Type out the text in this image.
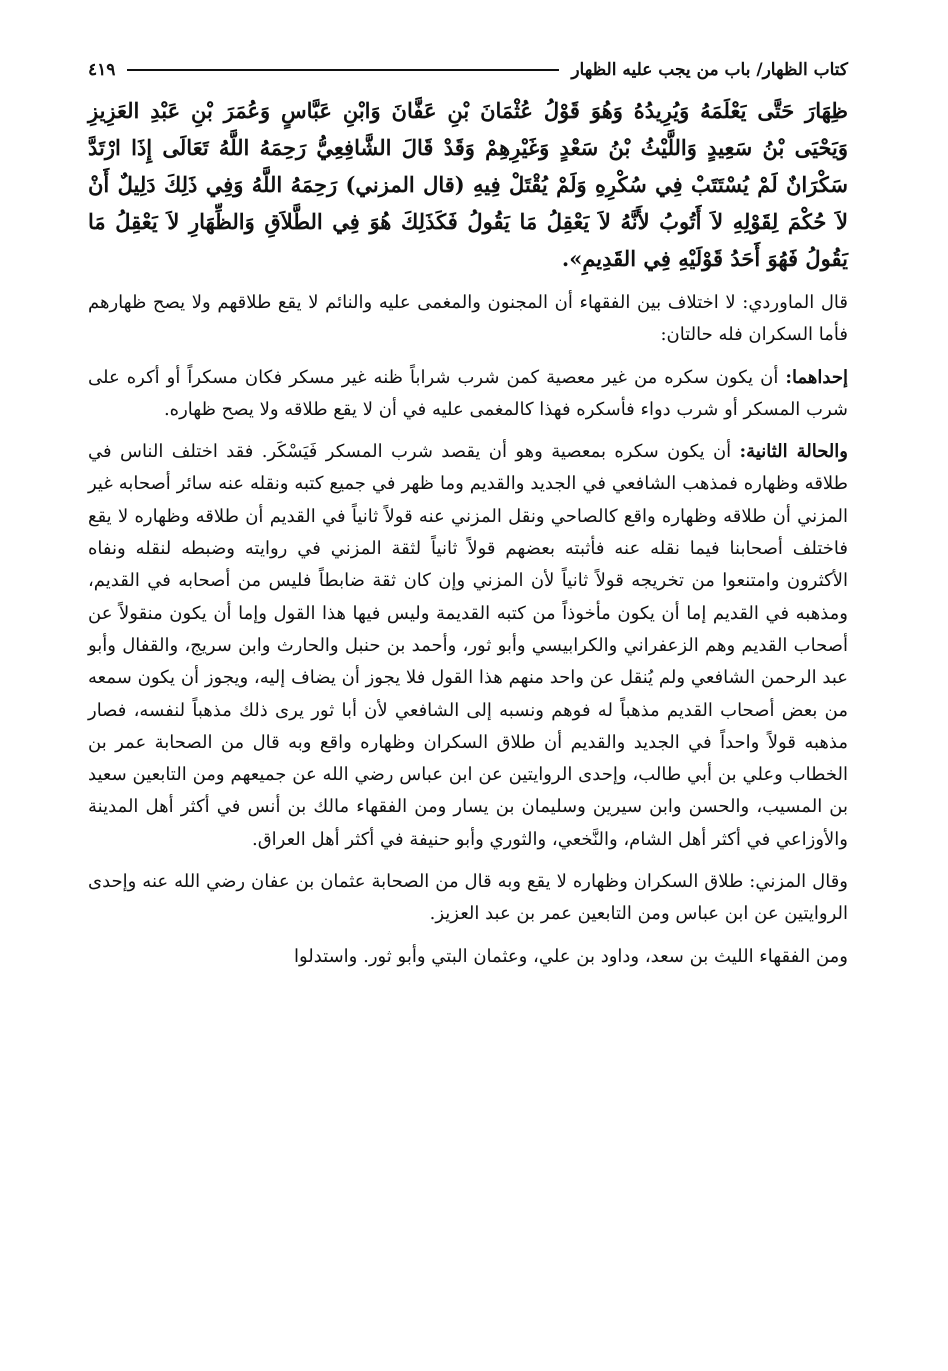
كتاب الظهار/ باب من يجب عليه الظهار
٤١٩

ظِهَارَ حَتَّى يَعْلَمَهُ وَيُرِيدُهُ وَهُوَ قَوْلُ عُثْمَانَ بْنِ عَفَّانَ وَابْنِ عَبَّاسٍ وَعُمَرَ بْنِ عَبْدِ العَزِيزِ وَيَحْيَى بْنُ سَعِيدٍ وَاللَّيْثُ بْنُ سَعْدٍ وَغَيْرِهِمْ وَقَدْ قَالَ الشَّافِعِيُّ رَحِمَهُ اللَّهُ تَعَالَى إِذَا ارْتَدَّ سَكْرَانٌ لَمْ يُسْتَتَبْ فِي سُكْرِهِ وَلَمْ يُقْتَلْ فِيهِ (قال المزني) رَحِمَهُ اللَّهُ وَفِي ذَلِكَ دَلِيلٌ أَنْ لاَ حُكْمَ لِقَوْلِهِ لاَ أَتُوبُ لأَنَّهُ لاَ يَعْقِلُ مَا يَقُولُ فَكَذَلِكَ هُوَ فِي الطَّلاَقِ وَالظِّهَارِ لاَ يَعْقِلُ مَا يَقُولُ فَهُوَ أَحَدُ قَوْلَيْهِ فِي القَدِيمِ».

قال الماوردي: لا اختلاف بين الفقهاء أن المجنون والمغمى عليه والنائم لا يقع طلاقهم ولا يصح ظهارهم فأما السكران فله حالتان:

إحداهما: أن يكون سكره من غير معصية كمن شرب شراباً ظنه غير مسكر فكان مسكراً أو أكره على شرب المسكر أو شرب دواء فأسكره فهذا كالمغمى عليه في أن لا يقع طلاقه ولا يصح ظهاره.

والحالة الثانية: أن يكون سكره بمعصية وهو أن يقصد شرب المسكر فَيَسْكَر. فقد اختلف الناس في طلاقه وظهاره فمذهب الشافعي في الجديد والقديم وما ظهر في جميع كتبه ونقله عنه سائر أصحابه غير المزني أن طلاقه وظهاره واقع كالصاحي ونقل المزني عنه قولاً ثانياً في القديم أن طلاقه وظهاره لا يقع فاختلف أصحابنا فيما نقله عنه فأثبته بعضهم قولاً ثانياً لثقة المزني في روايته وضبطه لنقله ونفاه الأكثرون وامتنعوا من تخريجه قولاً ثانياً لأن المزني وإن كان ثقة ضابطاً فليس من أصحابه في القديم، ومذهبه في القديم إما أن يكون مأخوذاً من كتبه القديمة وليس فيها هذا القول وإما أن يكون منقولاً عن أصحاب القديم وهم الزعفراني والكرابيسي وأبو ثور، وأحمد بن حنبل والحارث وابن سريج، والقفال وأبو عبد الرحمن الشافعي ولم يُنقل عن واحد منهم هذا القول فلا يجوز أن يضاف إليه، ويجوز أن يكون سمعه من بعض أصحاب القديم مذهباً له فوهم ونسبه إلى الشافعي لأن أبا ثور يرى ذلك مذهباً لنفسه، فصار مذهبه قولاً واحداً في الجديد والقديم أن طلاق السكران وظهاره واقع وبه قال من الصحابة عمر بن الخطاب وعلي بن أبي طالب، وإحدى الروايتين عن ابن عباس رضي الله عن جميعهم ومن التابعين سعيد بن المسيب، والحسن وابن سيرين وسليمان بن يسار ومن الفقهاء مالك بن أنس في أكثر أهل المدينة والأوزاعي في أكثر أهل الشام، والنَّخعي، والثوري وأبو حنيفة في أكثر أهل العراق.

وقال المزني: طلاق السكران وظهاره لا يقع وبه قال من الصحابة عثمان بن عفان رضي الله عنه وإحدى الروايتين عن ابن عباس ومن التابعين عمر بن عبد العزيز.

ومن الفقهاء الليث بن سعد، وداود بن علي، وعثمان البتي وأبو ثور. واستدلوا
